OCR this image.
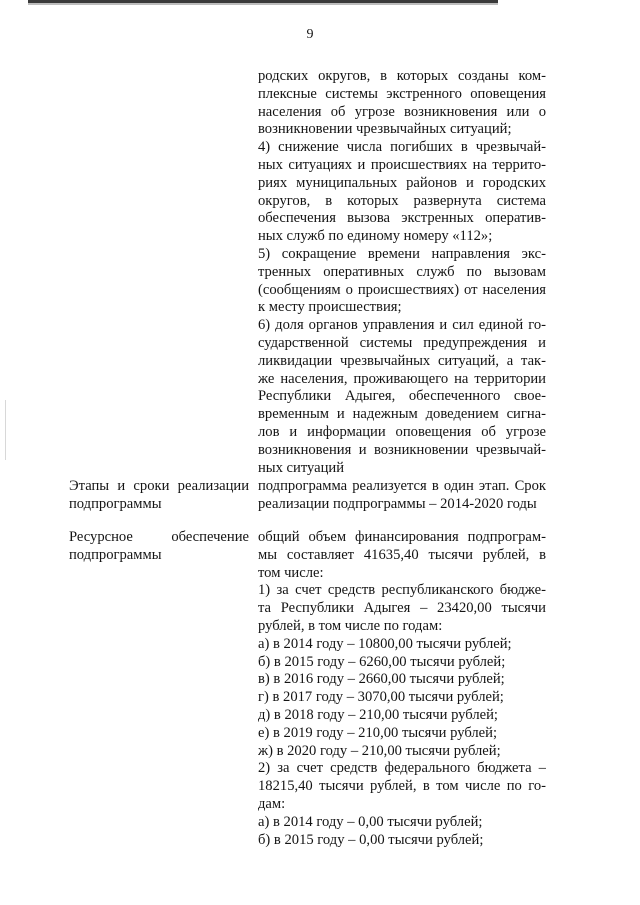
9
родских округов, в которых созданы ком-
плексные системы экстренного оповещения
населения об угрозе возникновения или о
возникновении чрезвычайных ситуаций;
4) снижение числа погибших в чрезвычай-
ных ситуациях и происшествиях на террито-
риях муниципальных районов и городских
округов, в которых развернута система
обеспечения вызова экстренных оператив-
ных служб по единому номеру «112»;
5) сокращение времени направления экс-
тренных оперативных служб по вызовам
(сообщениям о происшествиях) от населения
к месту происшествия;
6) доля органов управления и сил единой го-
сударственной системы предупреждения и
ликвидации чрезвычайных ситуаций, а так-
же населения, проживающего на территории
Республики Адыгея, обеспеченного свое-
временным и надежным доведением сигна-
лов и информации оповещения об угрозе
возникновения и возникновении чрезвычай-
ных ситуаций
Этапы и сроки реализации
подпрограммы
подпрограмма реализуется в один этап. Срок
реализации подпрограммы – 2014-2020 годы
Ресурсное обеспечение
подпрограммы
общий объем финансирования подпрограм-
мы составляет 41635,40 тысячи рублей, в
том числе:
1) за счет средств республиканского бюдже-
та Республики Адыгея – 23420,00 тысячи
рублей, в том числе по годам:
а) в 2014 году – 10800,00 тысячи рублей;
б) в 2015 году – 6260,00 тысячи рублей;
в) в 2016 году – 2660,00 тысячи рублей;
г) в 2017 году – 3070,00 тысячи рублей;
д) в 2018 году – 210,00 тысячи рублей;
е) в 2019 году – 210,00 тысячи рублей;
ж) в 2020 году – 210,00 тысячи рублей;
2) за счет средств федерального бюджета –
18215,40 тысячи рублей, в том числе по го-
дам:
а) в 2014 году – 0,00 тысячи рублей;
б) в 2015 году – 0,00 тысячи рублей;
